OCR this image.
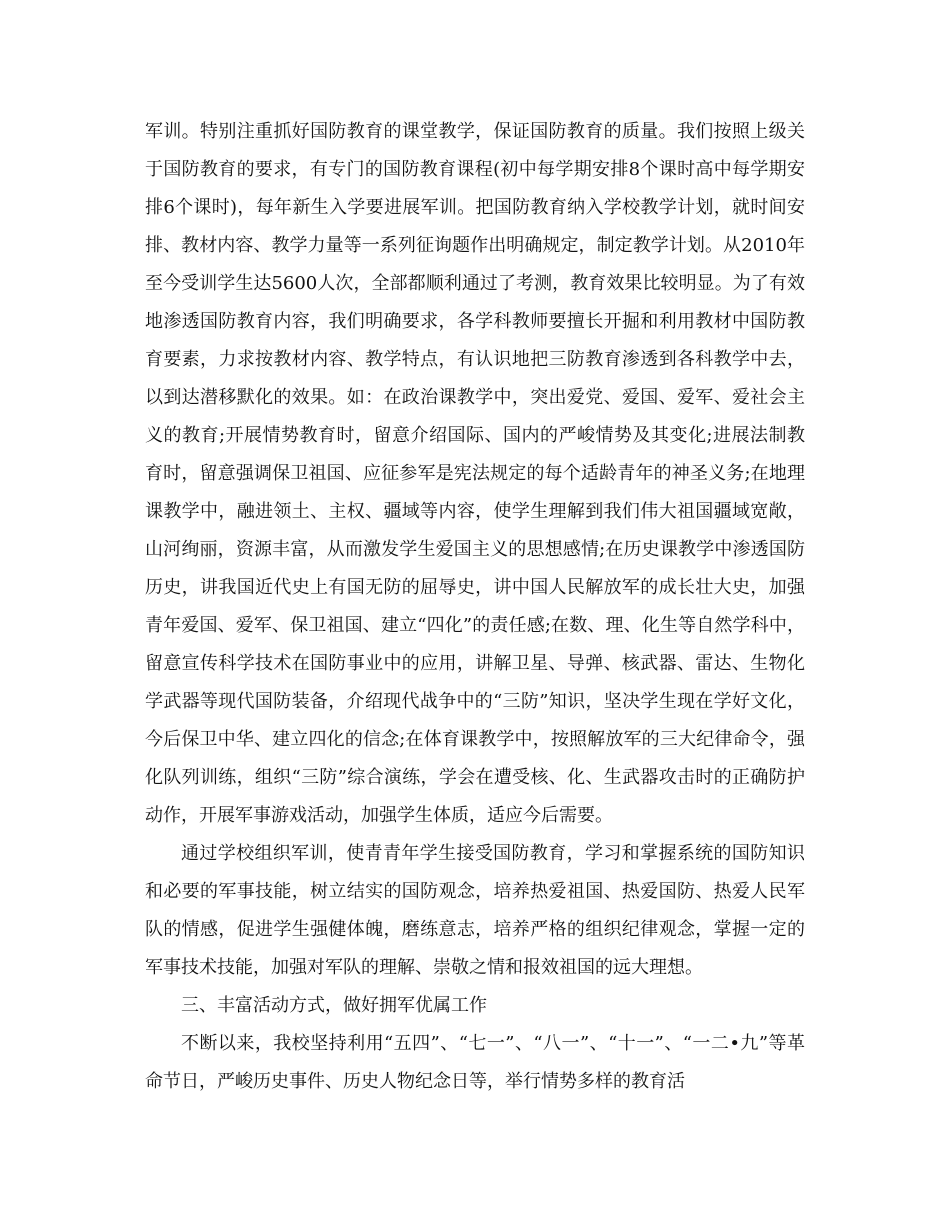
军训。特别注重抓好国防教育的课堂教学，保证国防教育的质量。我们按照上级关于国防教育的要求，有专门的国防教育课程(初中每学期安排8个课时高中每学期安排6个课时)，每年新生入学要进展军训。把国防教育纳入学校教学计划，就时间安排、教材内容、教学力量等一系列征询题作出明确规定，制定教学计划。从2010年至今受训学生达5600人次，全部都顺利通过了考测，教育效果比较明显。为了有效地渗透国防教育内容，我们明确要求，各学科教师要擅长开掘和利用教材中国防教育要素，力求按教材内容、教学特点，有认识地把三防教育渗透到各科教学中去，以到达潜移默化的效果。如：在政治课教学中，突出爱党、爱国、爱军、爱社会主义的教育;开展情势教育时，留意介绍国际、国内的严峻情势及其变化;进展法制教育时，留意强调保卫祖国、应征参军是宪法规定的每个适龄青年的神圣义务;在地理课教学中，融进领土、主权、疆域等内容，使学生理解到我们伟大祖国疆域宽敞，山河绚丽，资源丰富，从而激发学生爱国主义的思想感情;在历史课教学中渗透国防历史，讲我国近代史上有国无防的屈辱史，讲中国人民解放军的成长壮大史，加强青年爱国、爱军、保卫祖国、建立“四化”的责任感;在数、理、化生等自然学科中，留意宣传科学技术在国防事业中的应用，讲解卫星、导弹、核武器、雷达、生物化学武器等现代国防装备，介绍现代战争中的“三防”知识，坚决学生现在学好文化，今后保卫中华、建立四化的信念;在体育课教学中，按照解放军的三大纪律命令，强化队列训练，组织“三防”综合演练，学会在遭受核、化、生武器攻击时的正确防护动作，开展军事游戏活动，加强学生体质，适应今后需要。

通过学校组织军训，使青青年学生接受国防教育，学习和掌握系统的国防知识和必要的军事技能，树立结实的国防观念，培养热爱祖国、热爱国防、热爱人民军队的情感，促进学生强健体魄，磨练意志，培养严格的组织纪律观念，掌握一定的军事技术技能，加强对军队的理解、崇敬之情和报效祖国的远大理想。

三、丰富活动方式，做好拥军优属工作

不断以来，我校坚持利用“五四”、“七一”、“八一”、“十一”、“一二•九”等革命节日，严峻历史事件、历史人物纪念日等，举行情势多样的教育活
